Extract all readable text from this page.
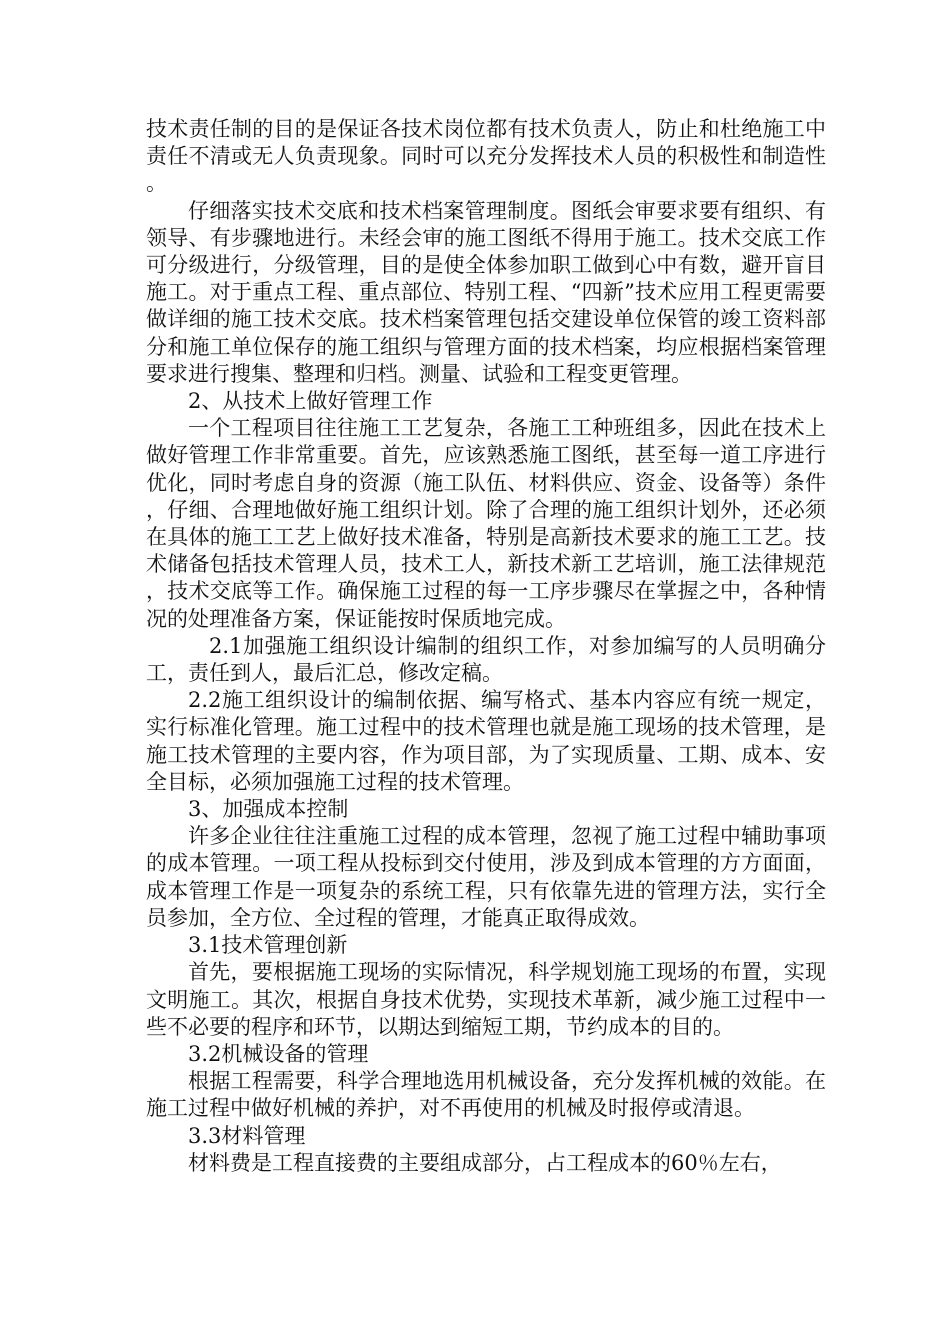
技术责任制的目的是保证各技术岗位都有技术负责人，防止和杜绝施工中责任不清或无人负责现象。同时可以充分发挥技术人员的积极性和制造性。

仔细落实技术交底和技术档案管理制度。图纸会审要求要有组织、有领导、有步骤地进行。未经会审的施工图纸不得用于施工。技术交底工作可分级进行，分级管理，目的是使全体参加职工做到心中有数，避开盲目施工。对于重点工程、重点部位、特别工程、“四新”技术应用工程更需要做详细的施工技术交底。技术档案管理包括交建设单位保管的竣工资料部分和施工单位保存的施工组织与管理方面的技术档案，均应根据档案管理要求进行搜集、整理和归档。测量、试验和工程变更管理。

2、从技术上做好管理工作

一个工程项目往往施工工艺复杂，各施工工种班组多，因此在技术上做好管理工作非常重要。首先，应该熟悉施工图纸，甚至每一道工序进行优化，同时考虑自身的资源（施工队伍、材料供应、资金、设备等）条件，仔细、合理地做好施工组织计划。除了合理的施工组织计划外，还必须在具体的施工工艺上做好技术准备，特别是高新技术要求的施工工艺。技术储备包括技术管理人员，技术工人，新技术新工艺培训，施工法律规范，技术交底等工作。确保施工过程的每一工序步骤尽在掌握之中，各种情况的处理准备方案，保证能按时保质地完成。

2.1加强施工组织设计编制的组织工作，对参加编写的人员明确分工，责任到人，最后汇总，修改定稿。

2.2施工组织设计的编制依据、编写格式、基本内容应有统一规定，实行标准化管理。施工过程中的技术管理也就是施工现场的技术管理，是施工技术管理的主要内容，作为项目部，为了实现质量、工期、成本、安全目标，必须加强施工过程的技术管理。

3、加强成本控制

许多企业往往注重施工过程的成本管理，忽视了施工过程中辅助事项的成本管理。一项工程从投标到交付使用，涉及到成本管理的方方面面，成本管理工作是一项复杂的系统工程，只有依靠先进的管理方法，实行全员参加，全方位、全过程的管理，才能真正取得成效。

3.1技术管理创新

首先，要根据施工现场的实际情况，科学规划施工现场的布置，实现文明施工。其次，根据自身技术优势，实现技术革新，减少施工过程中一些不必要的程序和环节，以期达到缩短工期，节约成本的目的。

3.2机械设备的管理

根据工程需要，科学合理地选用机械设备，充分发挥机械的效能。在施工过程中做好机械的养护，对不再使用的机械及时报停或清退。

3.3材料管理

材料费是工程直接费的主要组成部分，占工程成本的60％左右，
